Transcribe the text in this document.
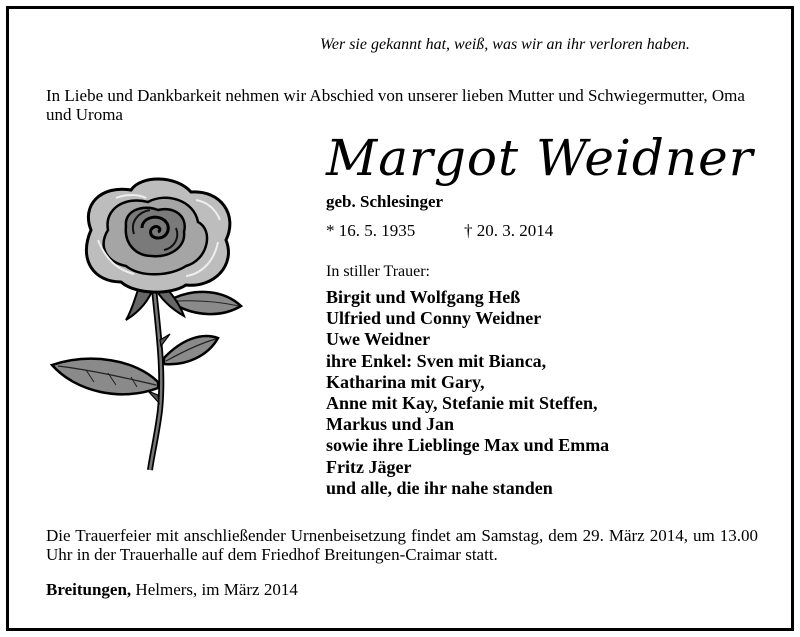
Wer sie gekannt hat, weiß, was wir an ihr verloren haben.
In Liebe und Dankbarkeit nehmen wir Abschied von unserer lieben Mutter und Schwiegermutter, Oma und Uroma
Margot Weidner
geb. Schlesinger
* 16. 5. 1935	† 20. 3. 2014
In stiller Trauer:
Birgit und Wolfgang Heß
Ulfried und Conny Weidner
Uwe Weidner
ihre Enkel: Sven mit Bianca,
Katharina mit Gary,
Anne mit Kay, Stefanie mit Steffen,
Markus und Jan
sowie ihre Lieblinge Max und Emma
Fritz Jäger
und alle, die ihr nahe standen
Die Trauerfeier mit anschließender Urnenbeisetzung findet am Samstag, dem 29. März 2014, um 13.00 Uhr in der Trauerhalle auf dem Friedhof Breitungen-Craimar statt.
Breitungen, Helmers, im März 2014
